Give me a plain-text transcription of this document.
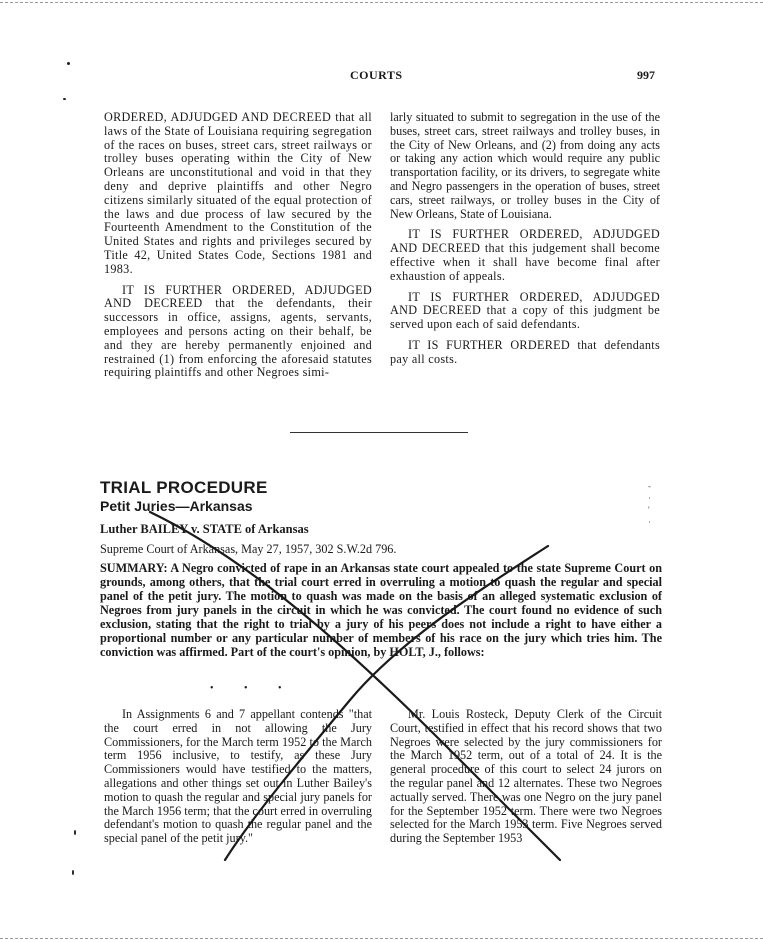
COURTS	997

ORDERED, ADJUDGED AND DECREED that all laws of the State of Louisiana requiring segregation of the races on buses, street cars, street railways or trolley buses operating within the City of New Orleans are unconstitutional and void in that they deny and deprive plaintiffs and other Negro citizens similarly situated of the equal protection of the laws and due process of law secured by the Fourteenth Amendment to the Constitution of the United States and rights and privileges secured by Title 42, United States Code, Sections 1981 and 1983.

IT IS FURTHER ORDERED, ADJUDGED AND DECREED that the defendants, their successors in office, assigns, agents, servants, employees and persons acting on their behalf, be and they are hereby permanently enjoined and restrained (1) from enforcing the aforesaid statutes requiring plaintiffs and other Negroes simi-

larly situated to submit to segregation in the use of the buses, street cars, street railways and trolley buses, in the City of New Orleans, and (2) from doing any acts or taking any action which would require any public transportation facility, or its drivers, to segregate white and Negro passengers in the operation of buses, street cars, street railways, or trolley buses in the City of New Orleans, State of Louisiana.

IT IS FURTHER ORDERED, ADJUDGED AND DECREED that this judgement shall become effective when it shall have become final after exhaustion of appeals.

IT IS FURTHER ORDERED, ADJUDGED AND DECREED that a copy of this judgment be served upon each of said defendants.

IT IS FURTHER ORDERED that defendants pay all costs.

TRIAL PROCEDURE
Petit Juries—Arkansas
Luther BAILEY v. STATE of Arkansas
Supreme Court of Arkansas, May 27, 1957, 302 S.W.2d 796.
SUMMARY: A Negro convicted of rape in an Arkansas state court appealed to the state Supreme Court on grounds, among others, that the trial court erred in overruling a motion to quash the regular and special panel of the petit jury. The motion to quash was made on the basis of an alleged systematic exclusion of Negroes from jury panels in the circuit in which he was convicted. The court found no evidence of such exclusion, stating that the right to trial by a jury of his peers does not include a right to have either a proportional number or any particular number of members of his race on the jury which tries him. The conviction was affirmed. Part of the court's opinion, by HOLT, J., follows:
• • •

In Assignments 6 and 7 appellant contends "that the court erred in not allowing the Jury Commissioners, for the March term 1952 to the March term 1956 inclusive, to testify, as these Jury Commissioners would have testified to the matters, allegations and other things set out in Luther Bailey's motion to quash the regular and special jury panels for the March 1956 term; that the court erred in overruling defendant's motion to quash the regular panel and the special panel of the petit jury."

Mr. Louis Rosteck, Deputy Clerk of the Circuit Court, testified in effect that his record shows that two Negroes were selected by the jury commissioners for the March 1952 term, out of a total of 24. It is the general procedure of this court to select 24 jurors on the regular panel and 12 alternates. These two Negroes actually served. There was one Negro on the jury panel for the September 1952 term. There were two Negroes selected for the March 1953 term. Five Negroes served during the September 1953

-
·
'
·
